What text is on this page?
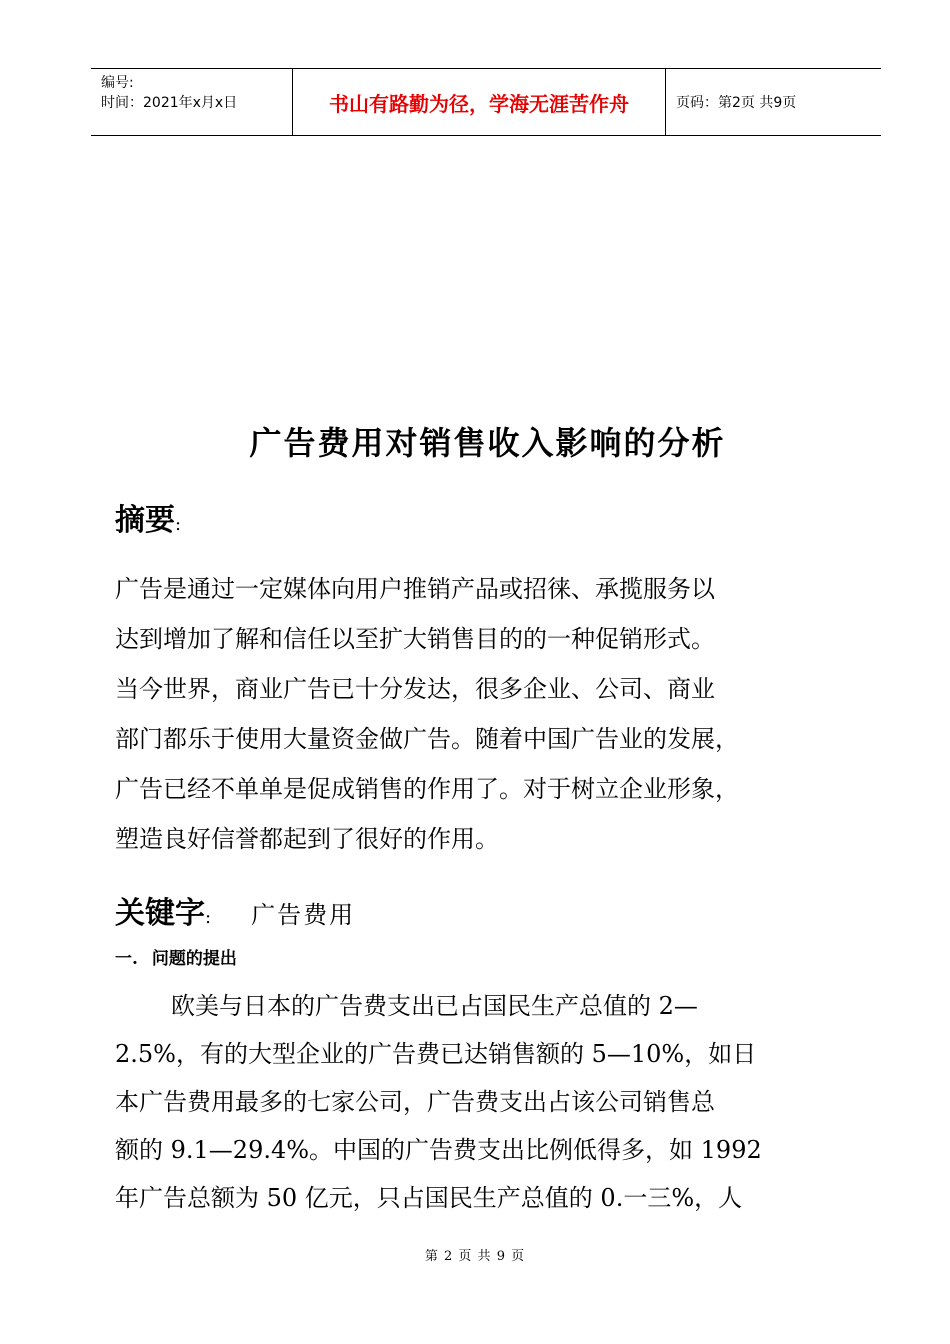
编号:
时间：2021年x月x日	书山有路勤为径，学海无涯苦作舟	页码：第2页 共9页
广告费用对销售收入影响的分析
摘要:

广告是通过一定媒体向用户推销产品或招徕、承揽服务以

达到增加了解和信任以至扩大销售目的的一种促销形式。

当今世界，商业广告已十分发达，很多企业、公司、商业

部门都乐于使用大量资金做广告。随着中国广告业的发展，

广告已经不单单是促成销售的作用了。对于树立企业形象，

塑造良好信誉都起到了很好的作用。

关键字: 广告费用
一. 问题的提出

欧美与日本的广告费支出已占国民生产总值的 2—

2.5%，有的大型企业的广告费已达销售额的 5—10%，如日

本广告费用最多的七家公司，广告费支出占该公司销售总

额的 9.1—29.4%。中国的广告费支出比例低得多，如 1992

年广告总额为 50 亿元，只占国民生产总值的 0.一三%，人

第 2 页 共 9 页
